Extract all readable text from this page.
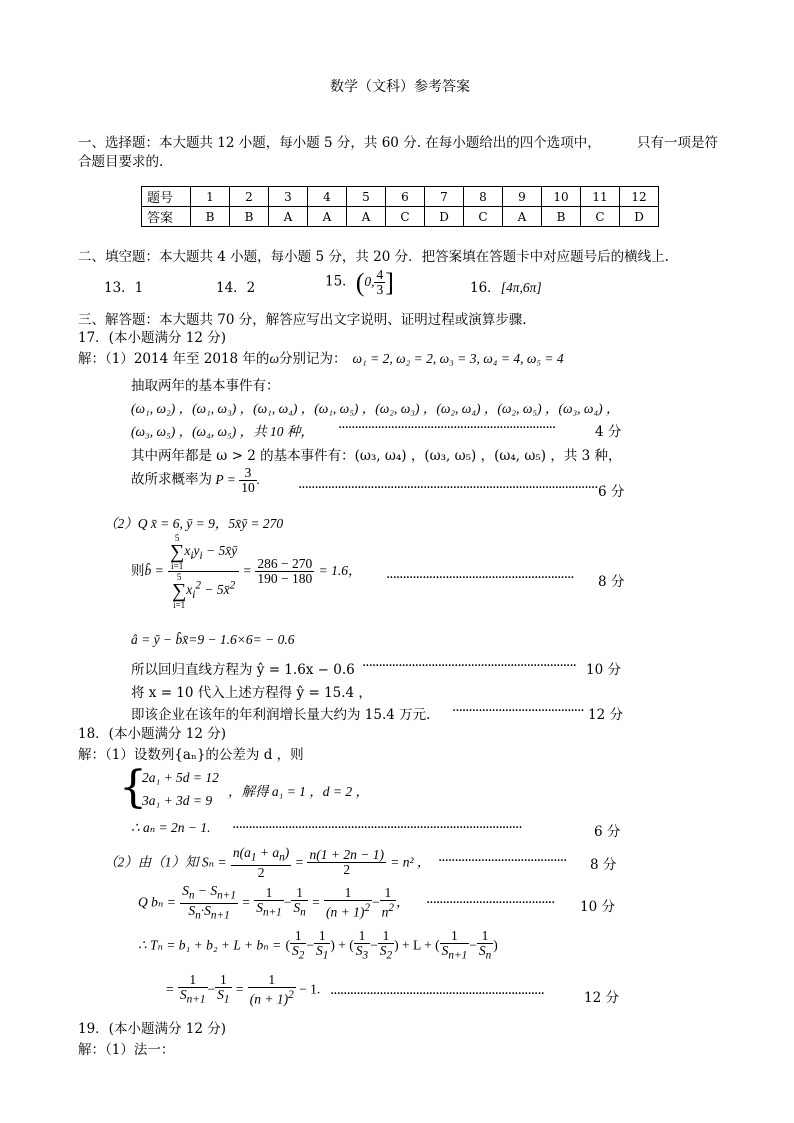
数学（文科）参考答案
一、选择题：本大题共 12 小题，每小题 5 分，共 60 分. 在每小题给出的四个选项中，	只有一项是符
合题目要求的.
题号	1	2	3	4	5	6	7	8	9	10	11	12
答案	B	B	A	A	A	C	D	C	A	B	C	D
二、填空题：本大题共 4 小题，每小题 5 分，共 20 分．把答案填在答题卡中对应题号后的横线上.
13．1	14．2	15．(0, $\frac{4}{3}$ ]	16．[4π,6π]
三、解答题：本大题共 70 分，解答应写出文字说明、证明过程或演算步骤.
17．(本小题满分 12 分)
解：（1）2014 年至 2018 年的ω分别记为： ω₁ = 2, ω₂ = 2, ω₃ = 3, ω₄ = 4, ω₅ = 4
抽取两年的基本事件有：
(ω₁, ω₂) ，(ω₁, ω₃) ，(ω₁, ω₄) ，(ω₁, ω₅) ，(ω₂, ω₃) ，(ω₂, ω₄) ，(ω₂, ω₅) ，(ω₃, ω₄) ，
(ω₃, ω₅) ，(ω₄, ω₅) ，共 10 种， ··································································	4 分
其中两年都是 ω > 2 的基本事件有：(ω₃, ω₄) ，(ω₃, ω₅) ，(ω₄, ω₅) ，共 3 种，
故所求概率为 $P = \frac{3}{10}$ .
··························································································· 6 分
（2）Q x̄ = 6, ȳ = 9，5x̄ȳ = 270
则b̂ = 5
∑
i=1
$x_iy_i$ − 5x̄ȳ
5
∑
i=1
$x_i^2$ − 5x̄$^2$ = $\frac{286 - 270}{190 - 180} = 1.6$， ························································· 8 分
â = ȳ − b̂x̄=9 − 1.6×6= − 0.6
所以回归直线方程为 ŷ = 1.6x − 0.6 ································································· 10 分
将 x = 10 代入上述方程得 ŷ = 15.4 ，
即该企业在该年的年利润增长量大约为 15.4 万元. ········································ 12 分
18．(本小题满分 12 分)
解：（1）设数列{aₙ}的公差为 d ，则
{
2a₁ + 5d = 12
3a₁ + 3d = 9
，解得 a₁ = 1 ，d = 2 ，
∴ aₙ = 2n − 1. ························································································	6 分
（2）由（1）知 $S_n = \frac{n(a_1 + a_n)}{2} = \frac{n(1 + 2n - 1)}{2} = n^2$ ， ······································· 8 分
Q $b_n = \frac{S_n - S_{n+1}}{S_n\cdot S_{n+1}} = \frac{1}{S_{n+1}} - \frac{1}{S_n} = \frac{1}{(n + 1)^2} - \frac{1}{n^2}$ ， ······································· 10 分
∴ Tₙ = b₁ + b₂ + L + bₙ = ( $\frac{1}{S_2} - \frac{1}{S_1}$ ) + ( $\frac{1}{S_3} - \frac{1}{S_2}$ ) + L + ( $\frac{1}{S_{n+1}} - \frac{1}{S_n}$ )
= $\frac{1}{S_{n+1}} - \frac{1}{S_1} = \frac{1}{(n + 1)^2} - 1$. ·································································	12 分
19．(本小题满分 12 分)
解：（1）法一：
